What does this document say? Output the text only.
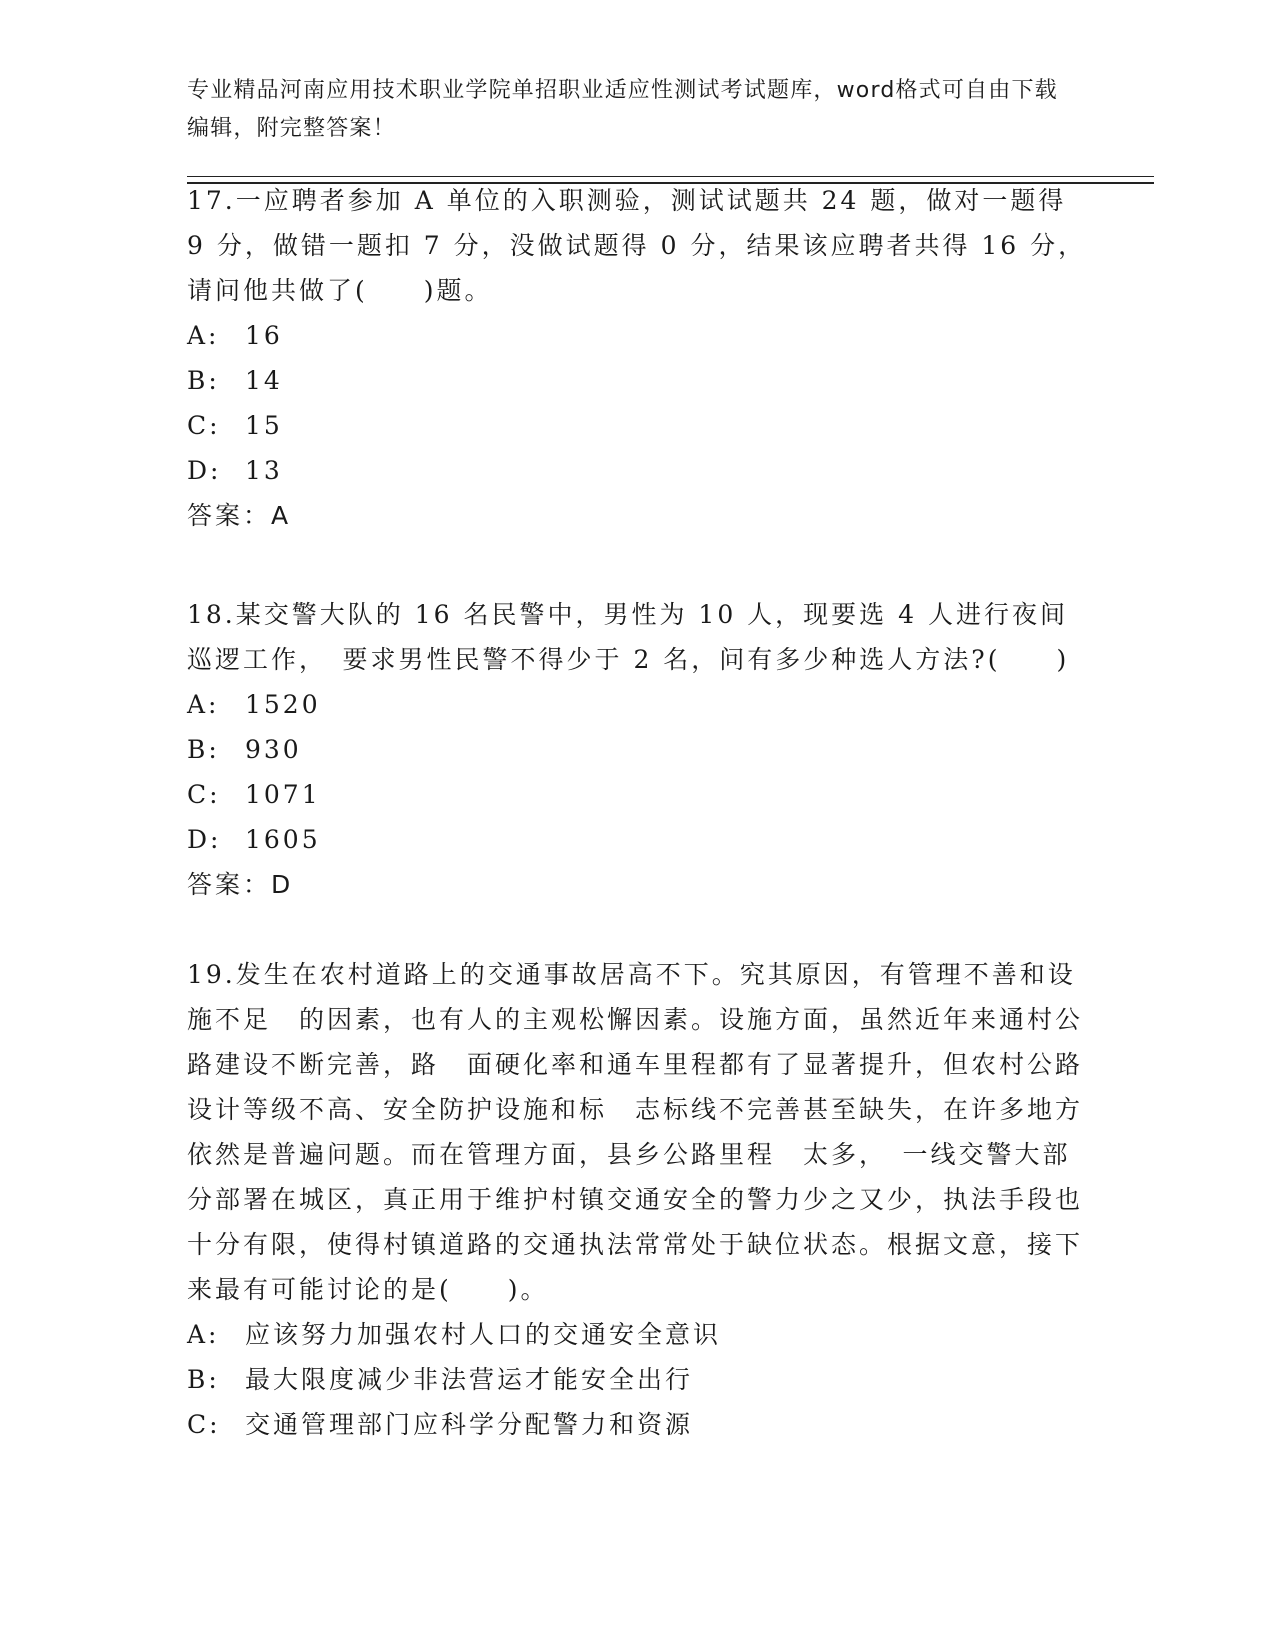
专业精品河南应用技术职业学院单招职业适应性测试考试题库，word格式可自由下载编辑，附完整答案！

17.一应聘者参加 A 单位的入职测验，测试试题共 24 题，做对一题得 9 分，做错一题扣 7 分，没做试题得 0 分，结果该应聘者共得 16 分，请问他共做了(　　)题。

A: 16

B: 14

C: 15

D: 13

答案：A

18.某交警大队的 16 名民警中，男性为 10 人，现要选 4 人进行夜间巡逻工作，　要求男性民警不得少于 2 名，问有多少种选人方法?(　　)

A: 1520

B: 930

C: 1071

D: 1605

答案：D

19.发生在农村道路上的交通事故居高不下。究其原因，有管理不善和设施不足　的因素，也有人的主观松懈因素。设施方面，虽然近年来通村公路建设不断完善，路　面硬化率和通车里程都有了显著提升，但农村公路设计等级不高、安全防护设施和标　志标线不完善甚至缺失，在许多地方依然是普遍问题。而在管理方面，县乡公路里程　太多，　一线交警大部分部署在城区，真正用于维护村镇交通安全的警力少之又少，执法手段也十分有限，使得村镇道路的交通执法常常处于缺位状态。根据文意，接下来最有可能讨论的是(　　)。

A: 应该努力加强农村人口的交通安全意识

B: 最大限度减少非法营运才能安全出行

C: 交通管理部门应科学分配警力和资源
